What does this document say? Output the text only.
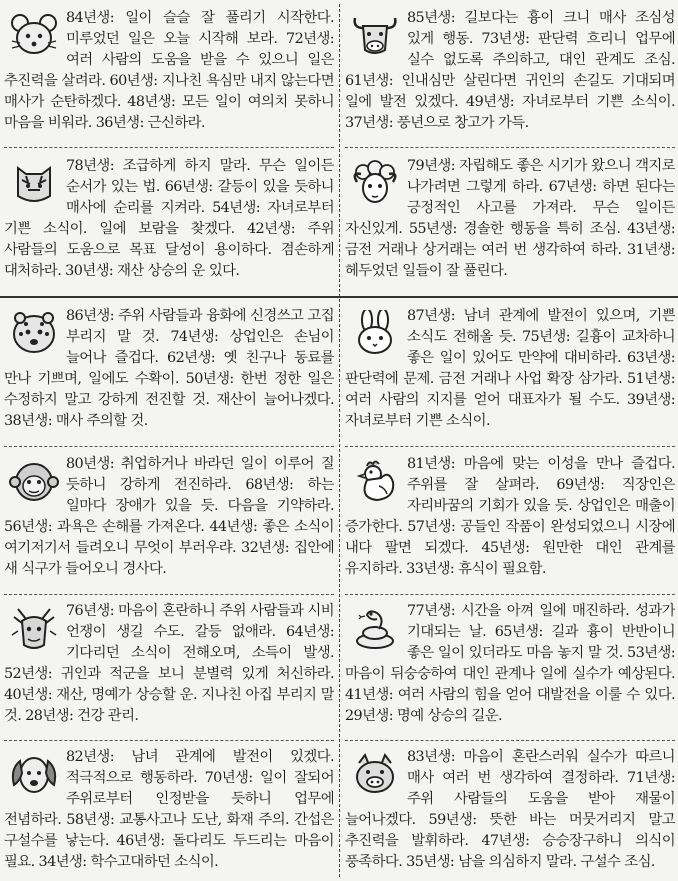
84년생: 일이 슬슬 잘 풀리기 시작한다. 미루었던 일은 오늘 시작해 보라. 72년생: 여러 사람의 도움을 받을 수 있으니 일은 추진력을 살려라. 60년생: 지나친 욕심만 내지 않는다면 매사가 순탄하겠다. 48년생: 모든 일이 여의치 못하니 마음을 비워라. 36년생: 근신하라.

78년생: 조급하게 하지 말라. 무슨 일이든 순서가 있는 법. 66년생: 갈등이 있을 듯하니 매사에 순리를 지켜라. 54년생: 자녀로부터 기쁜 소식이. 일에 보람을 찾겠다. 42년생: 주위 사람들의 도움으로 목표 달성이 용이하다. 겸손하게 대처하라. 30년생: 재산 상승의 운 있다.

86년생: 주위 사람들과 융화에 신경쓰고 고집 부리지 말 것. 74년생: 상업인은 손님이 늘어나 즐겁다. 62년생: 옛 친구나 동료를 만나 기쁘며, 일에도 수확이. 50년생: 한번 정한 일은 수정하지 말고 강하게 전진할 것. 재산이 늘어나겠다. 38년생: 매사 주의할 것.

80년생: 취업하거나 바라던 일이 이루어 질 듯하니 강하게 전진하라. 68년생: 하는 일마다 장애가 있을 듯. 다음을 기약하라. 56년생: 과욕은 손해를 가져온다. 44년생: 좋은 소식이 여기저기서 들려오니 무엇이 부러우랴. 32년생: 집안에 새 식구가 들어오니 경사다.

76년생: 마음이 혼란하니 주위 사람들과 시비 언쟁이 생길 수도. 갈등 없애라. 64년생: 기다리던 소식이 전해오며, 소득이 발생. 52년생: 귀인과 적군을 보니 분별력 있게 처신하라. 40년생: 재산, 명예가 상승할 운. 지나친 아집 부리지 말 것. 28년생: 건강 관리.

82년생: 남녀 관계에 발전이 있겠다. 적극적으로 행동하라. 70년생: 일이 잘되어 주위로부터 인정받을 듯하니 업무에 전념하라. 58년생: 교통사고나 도난, 화재 주의. 간섭은 구설수를 낳는다. 46년생: 돌다리도 두드리는 마음이 필요. 34년생: 학수고대하던 소식이.

85년생: 길보다는 흉이 크니 매사 조심성 있게 행동. 73년생: 판단력 흐리니 업무에 실수 없도록 주의하고, 대인 관계도 조심. 61년생: 인내심만 살린다면 귀인의 손길도 기대되며 일에 발전 있겠다. 49년생: 자녀로부터 기쁜 소식이. 37년생: 풍년으로 창고가 가득.

79년생: 자립해도 좋은 시기가 왔으니 객지로 나가려면 그렇게 하라. 67년생: 하면 된다는 긍정적인 사고를 가져라. 무슨 일이든 자신있게. 55년생: 경솔한 행동을 특히 조심. 43년생: 금전 거래나 상거래는 여러 번 생각하여 하라. 31년생: 헤두었던 일들이 잘 풀린다.

87년생: 남녀 관계에 발전이 있으며, 기쁜 소식도 전해올 듯. 75년생: 길흉이 교차하니 좋은 일이 있어도 만약에 대비하라. 63년생: 판단력에 문제. 금전 거래나 사업 확장 삼가라. 51년생: 여러 사람의 지지를 얻어 대표자가 될 수도. 39년생: 자녀로부터 기쁜 소식이.

81년생: 마음에 맞는 이성을 만나 즐겁다. 주위를 잘 살펴라. 69년생: 직장인은 자리바꿈의 기회가 있을 듯. 상업인은 매출이 증가한다. 57년생: 공들인 작품이 완성되었으니 시장에 내다 팔면 되겠다. 45년생: 원만한 대인 관계를 유지하라. 33년생: 휴식이 필요함.

77년생: 시간을 아껴 일에 매진하라. 성과가 기대되는 날. 65년생: 길과 흉이 반반이니 좋은 일이 있더라도 마음 놓지 말 것. 53년생: 마음이 뒤숭숭하여 대인 관계나 일에 실수가 예상된다. 41년생: 여러 사람의 힘을 얻어 대발전을 이룰 수 있다. 29년생: 명예 상승의 길운.

83년생: 마음이 혼란스러워 실수가 따르니 매사 여러 번 생각하여 결정하라. 71년생: 주위 사람들의 도움을 받아 재물이 늘어나겠다. 59년생: 뜻한 바는 머뭇거리지 말고 추진력을 발휘하라. 47년생: 승승장구하니 의식이 풍족하다. 35년생: 남을 의심하지 말라. 구설수 조심.
